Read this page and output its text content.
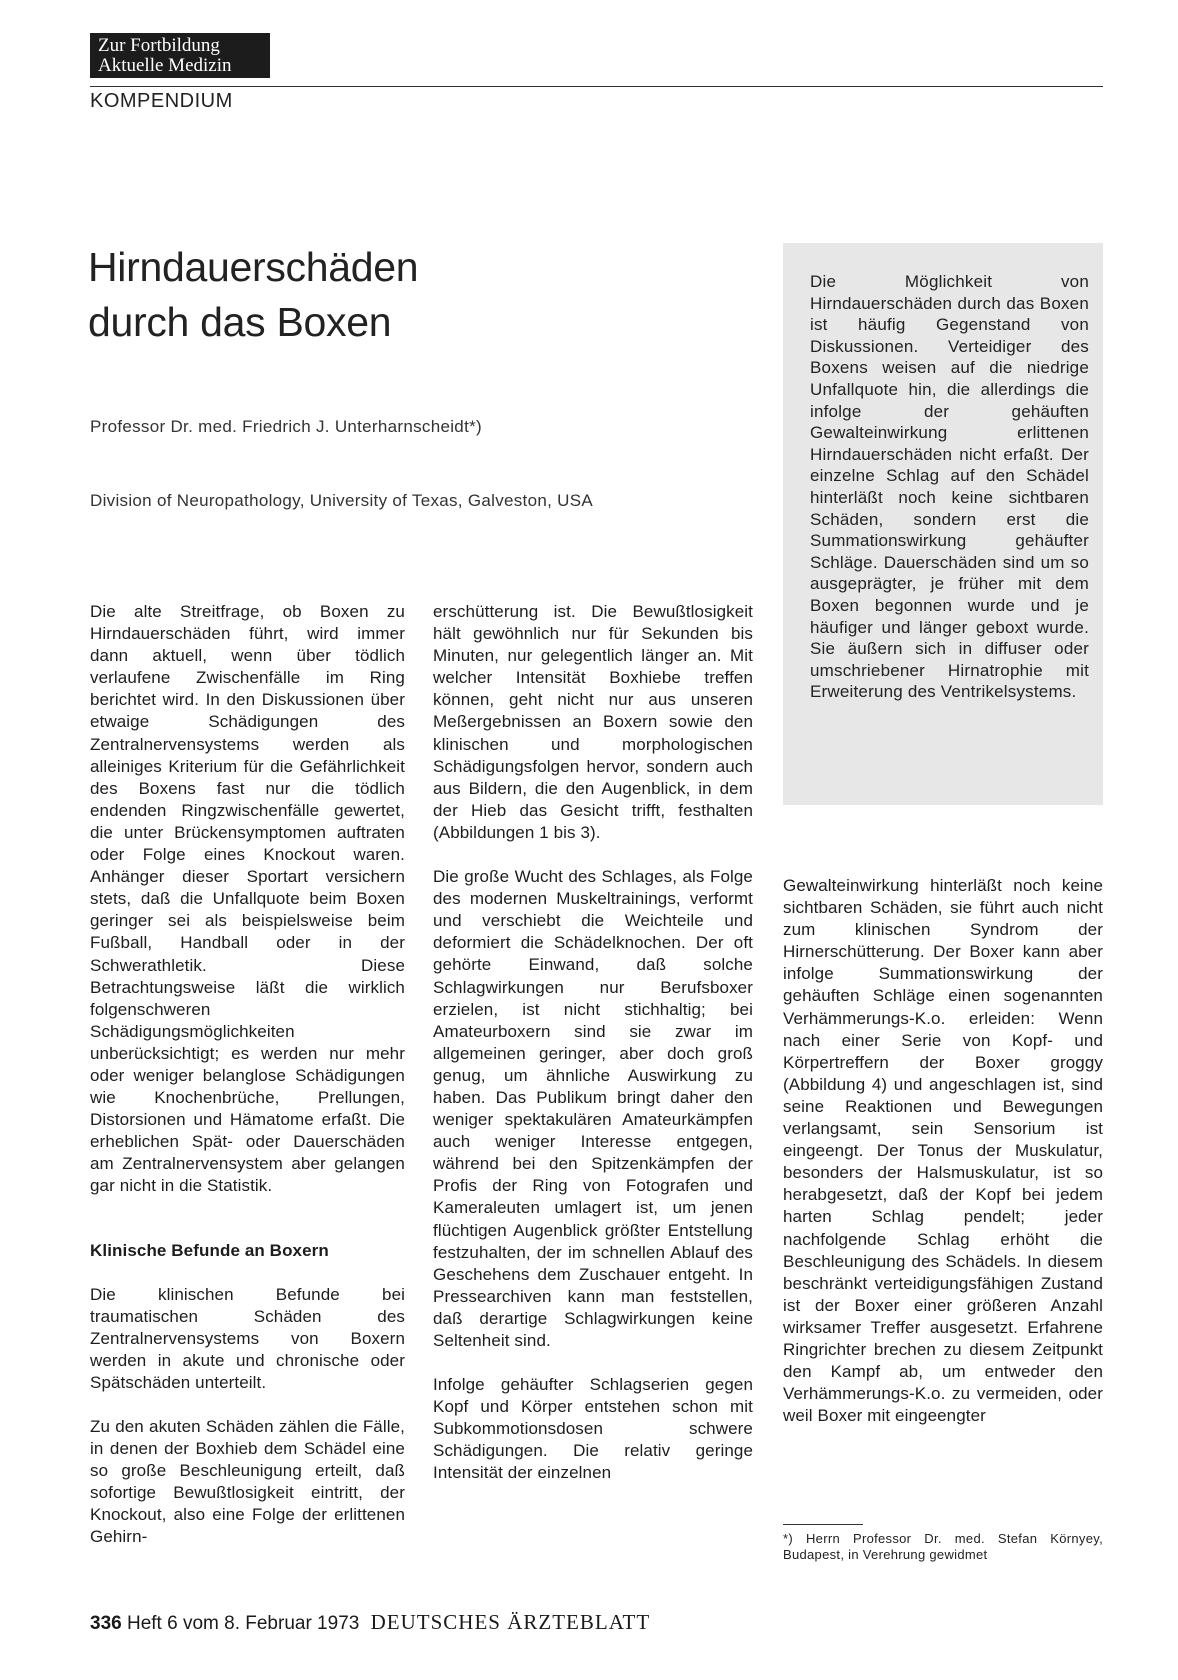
Zur Fortbildung
Aktuelle Medizin
KOMPENDIUM
Hirndauerschäden
durch das Boxen
Professor Dr. med. Friedrich J. Unterharnscheidt*)
Division of Neuropathology, University of Texas, Galveston, USA

Die Möglichkeit von Hirndauerschäden durch das Boxen ist häufig Gegenstand von Diskussionen. Verteidiger des Boxens weisen auf die niedrige Unfallquote hin, die allerdings die infolge der gehäuften Gewalteinwirkung erlittenen Hirndauerschäden nicht erfaßt. Der einzelne Schlag auf den Schädel hinterläßt noch keine sichtbaren Schäden, sondern erst die Summationswirkung gehäufter Schläge. Dauerschäden sind um so ausgeprägter, je früher mit dem Boxen begonnen wurde und je häufiger und länger geboxt wurde. Sie äußern sich in diffuser oder umschriebener Hirnatrophie mit Erweiterung des Ventrikelsystems.

Die alte Streitfrage, ob Boxen zu Hirndauerschäden führt, wird immer dann aktuell, wenn über tödlich verlaufene Zwischenfälle im Ring berichtet wird. In den Diskussionen über etwaige Schädigungen des Zentralnervensystems werden als alleiniges Kriterium für die Gefährlichkeit des Boxens fast nur die tödlich endenden Ringzwischenfälle gewertet, die unter Brückensymptomen auftraten oder Folge eines Knockout waren. Anhänger dieser Sportart versichern stets, daß die Unfallquote beim Boxen geringer sei als beispielsweise beim Fußball, Handball oder in der Schwerathletik. Diese Betrachtungsweise läßt die wirklich folgenschweren Schädigungsmöglichkeiten unberücksichtigt; es werden nur mehr oder weniger belanglose Schädigungen wie Knochenbrüche, Prellungen, Distorsionen und Hämatome erfaßt. Die erheblichen Spät- oder Dauerschäden am Zentralnervensystem aber gelangen gar nicht in die Statistik.

Klinische Befunde an Boxern

Die klinischen Befunde bei traumatischen Schäden des Zentralnervensystems von Boxern werden in akute und chronische oder Spätschäden unterteilt.

Zu den akuten Schäden zählen die Fälle, in denen der Boxhieb dem Schädel eine so große Beschleunigung erteilt, daß sofortige Bewußtlosigkeit eintritt, der Knockout, also eine Folge der erlittenen Gehirn-

erschütterung ist. Die Bewußtlosigkeit hält gewöhnlich nur für Sekunden bis Minuten, nur gelegentlich länger an. Mit welcher Intensität Boxhiebe treffen können, geht nicht nur aus unseren Meßergebnissen an Boxern sowie den klinischen und morphologischen Schädigungsfolgen hervor, sondern auch aus Bildern, die den Augenblick, in dem der Hieb das Gesicht trifft, festhalten (Abbildungen 1 bis 3).

Die große Wucht des Schlages, als Folge des modernen Muskeltrainings, verformt und verschiebt die Weichteile und deformiert die Schädelknochen. Der oft gehörte Einwand, daß solche Schlagwirkungen nur Berufsboxer erzielen, ist nicht stichhaltig; bei Amateurboxern sind sie zwar im allgemeinen geringer, aber doch groß genug, um ähnliche Auswirkung zu haben. Das Publikum bringt daher den weniger spektakulären Amateurkämpfen auch weniger Interesse entgegen, während bei den Spitzenkämpfen der Profis der Ring von Fotografen und Kameraleuten umlagert ist, um jenen flüchtigen Augenblick größter Entstellung festzuhalten, der im schnellen Ablauf des Geschehens dem Zuschauer entgeht. In Pressearchiven kann man feststellen, daß derartige Schlagwirkungen keine Seltenheit sind.

Infolge gehäufter Schlagserien gegen Kopf und Körper entstehen schon mit Subkommotionsdosen schwere Schädigungen. Die relativ geringe Intensität der einzelnen

Gewalteinwirkung hinterläßt noch keine sichtbaren Schäden, sie führt auch nicht zum klinischen Syndrom der Hirnerschütterung. Der Boxer kann aber infolge Summationswirkung der gehäuften Schläge einen sogenannten Verhämmerungs-K.o. erleiden: Wenn nach einer Serie von Kopf- und Körpertreffern der Boxer groggy (Abbildung 4) und angeschlagen ist, sind seine Reaktionen und Bewegungen verlangsamt, sein Sensorium ist eingeengt. Der Tonus der Muskulatur, besonders der Halsmuskulatur, ist so herabgesetzt, daß der Kopf bei jedem harten Schlag pendelt; jeder nachfolgende Schlag erhöht die Beschleunigung des Schädels. In diesem beschränkt verteidigungsfähigen Zustand ist der Boxer einer größeren Anzahl wirksamer Treffer ausgesetzt. Erfahrene Ringrichter brechen zu diesem Zeitpunkt den Kampf ab, um entweder den Verhämmerungs-K.o. zu vermeiden, oder weil Boxer mit eingeengter

*) Herrn Professor Dr. med. Stefan Környey, Budapest, in Verehrung gewidmet
336 Heft 6 vom 8. Februar 1973 DEUTSCHES ÄRZTEBLATT
